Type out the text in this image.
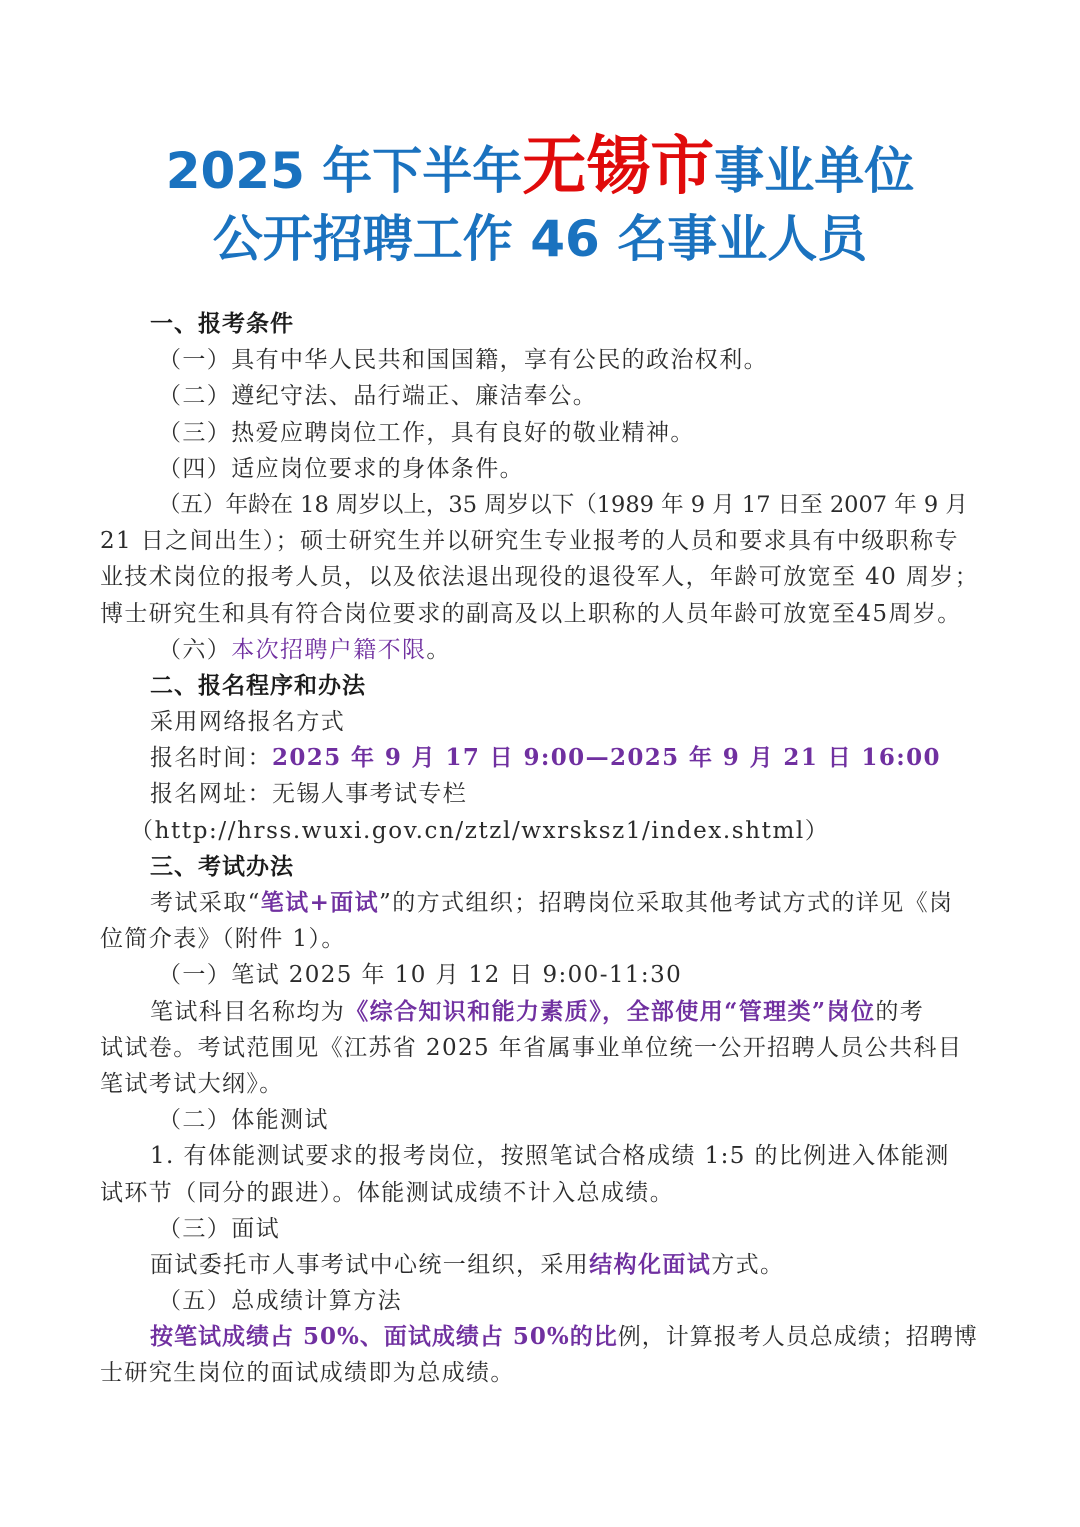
2025 年下半年无锡市事业单位
公开招聘工作 46 名事业人员
一、报考条件
（一）具有中华人民共和国国籍，享有公民的政治权利。
（二）遵纪守法、品行端正、廉洁奉公。
（三）热爱应聘岗位工作，具有良好的敬业精神。
（四）适应岗位要求的身体条件。
（五）年龄在 18 周岁以上，35 周岁以下（1989 年 9 月 17 日至 2007 年 9 月
21 日之间出生）；硕士研究生并以研究生专业报考的人员和要求具有中级职称专
业技术岗位的报考人员，以及依法退出现役的退役军人，年龄可放宽至 40 周岁；
博士研究生和具有符合岗位要求的副高及以上职称的人员年龄可放宽至45周岁。
（六）本次招聘户籍不限。
二、报名程序和办法
采用网络报名方式
报名时间：2025 年 9 月 17 日 9:00—2025 年 9 月 21 日 16:00
报名网址：无锡人事考试专栏
（http://hrss.wuxi.gov.cn/ztzl/wxrsksz1/index.shtml）
三、考试办法
考试采取“笔试+面试”的方式组织；招聘岗位采取其他考试方式的详见《岗
位简介表》（附件 1）。
（一）笔试 2025 年 10 月 12 日 9:00-11:30
笔试科目名称均为《综合知识和能力素质》，全部使用“管理类”岗位的考
试试卷。考试范围见《江苏省 2025 年省属事业单位统一公开招聘人员公共科目
笔试考试大纲》。
（二）体能测试
1. 有体能测试要求的报考岗位，按照笔试合格成绩 1:5 的比例进入体能测
试环节（同分的跟进）。体能测试成绩不计入总成绩。
（三）面试
面试委托市人事考试中心统一组织，采用结构化面试方式。
（五）总成绩计算方法
按笔试成绩占 50%、面试成绩占 50%的比例，计算报考人员总成绩；招聘博
士研究生岗位的面试成绩即为总成绩。
